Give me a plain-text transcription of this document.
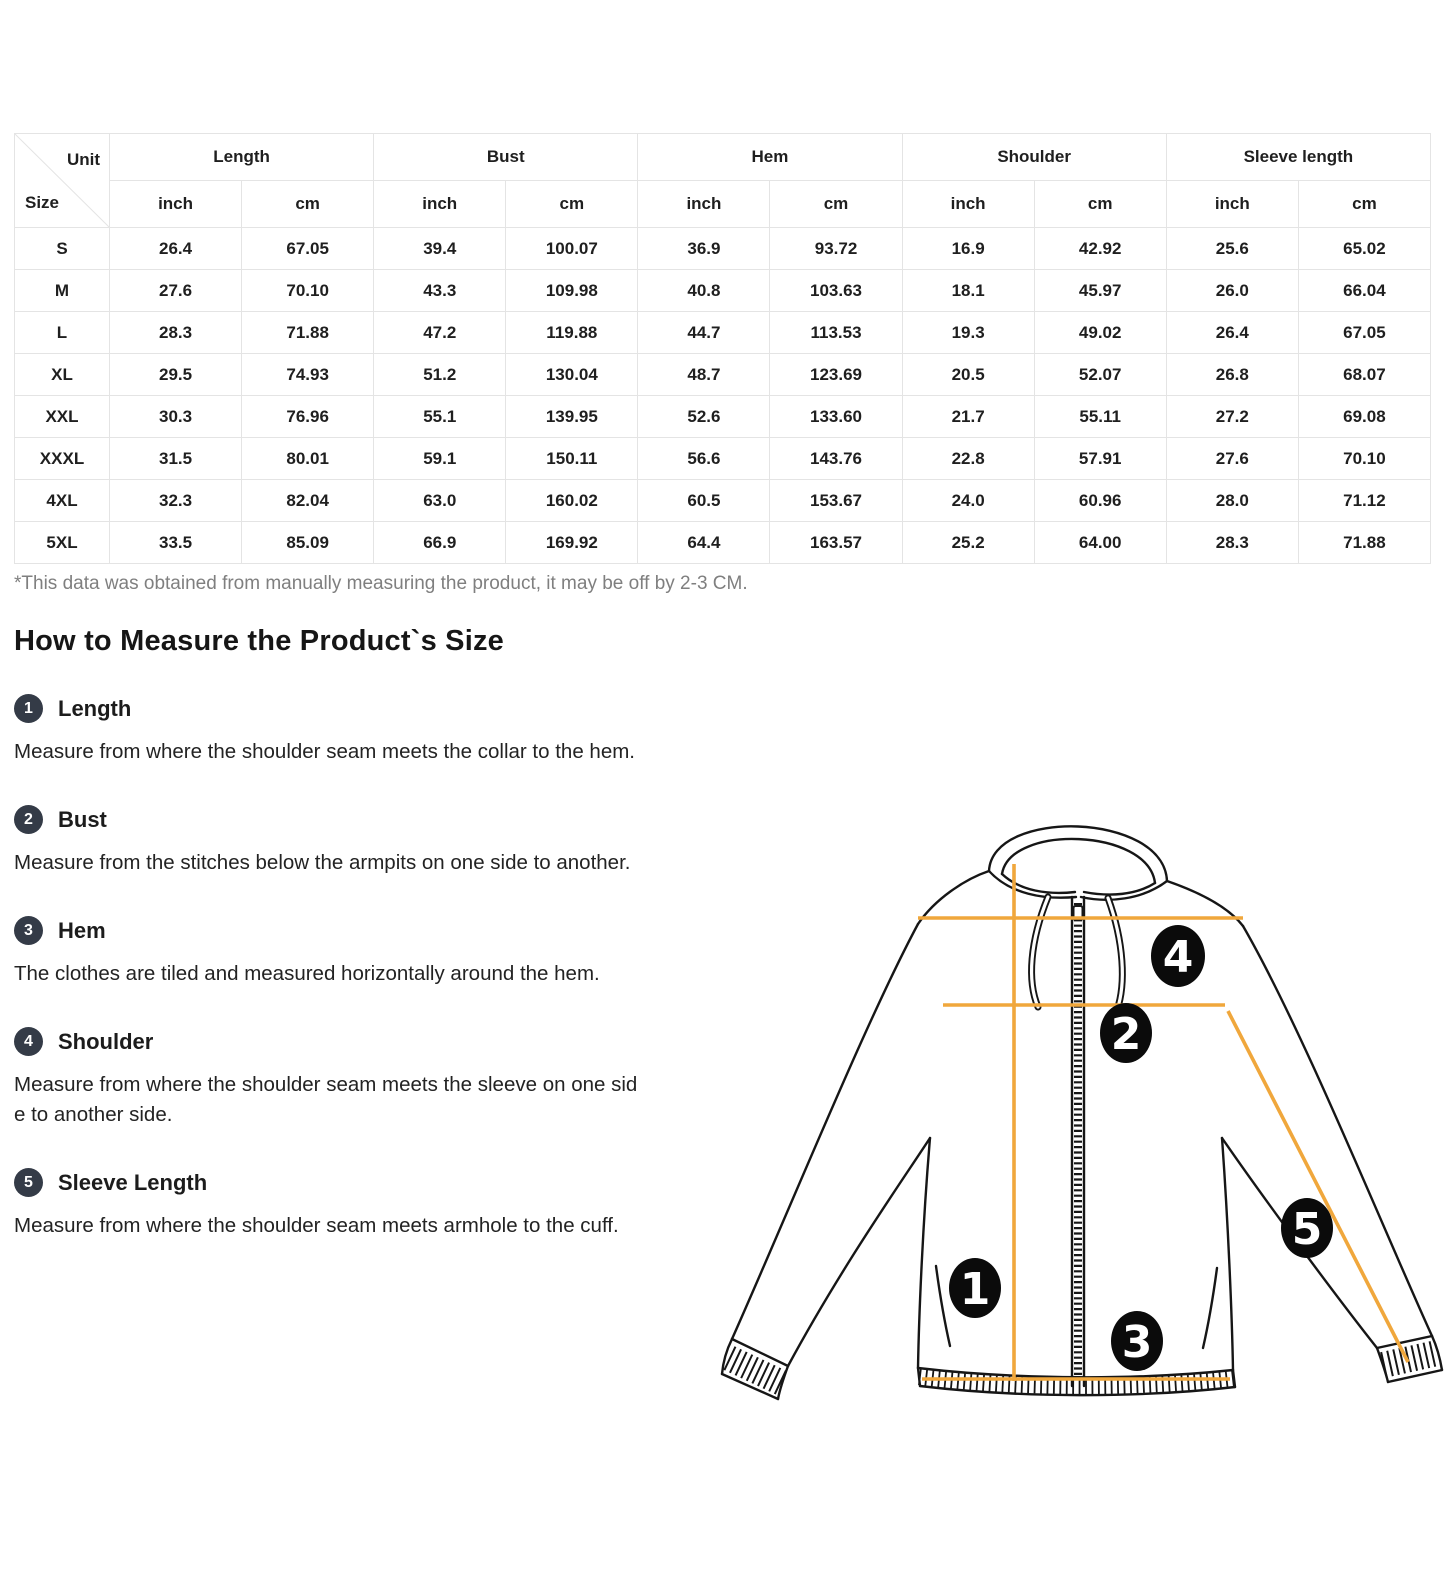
Unit
Size	Length		Bust		Hem		Shoulder		Sleeve length	
	inch	cm	inch	cm	inch	cm	inch	cm	inch	cm
S	26.4	67.05	39.4	100.07	36.9	93.72	16.9	42.92	25.6	65.02
M	27.6	70.10	43.3	109.98	40.8	103.63	18.1	45.97	26.0	66.04
L	28.3	71.88	47.2	119.88	44.7	113.53	19.3	49.02	26.4	67.05
XL	29.5	74.93	51.2	130.04	48.7	123.69	20.5	52.07	26.8	68.07
XXL	30.3	76.96	55.1	139.95	52.6	133.60	21.7	55.11	27.2	69.08
XXXL	31.5	80.01	59.1	150.11	56.6	143.76	22.8	57.91	27.6	70.10
4XL	32.3	82.04	63.0	160.02	60.5	153.67	24.0	60.96	28.0	71.12
5XL	33.5	85.09	66.9	169.92	64.4	163.57	25.2	64.00	28.3	71.88

*This data was obtained from manually measuring the product, it may be off by 2-3 CM.

How to Measure the Product`s Size
1	Length

Measure from where the shoulder seam meets the collar to the hem.

2	Bust

Measure from the stitches below the armpits on one side to another.

3	Hem

The clothes are tiled and measured horizontally around the hem.

4	Shoulder

Measure from where the shoulder seam meets the sleeve on one side to another side.

5	Sleeve Length

Measure from where the shoulder seam meets armhole to the cuff.

1
2
3
4
5
